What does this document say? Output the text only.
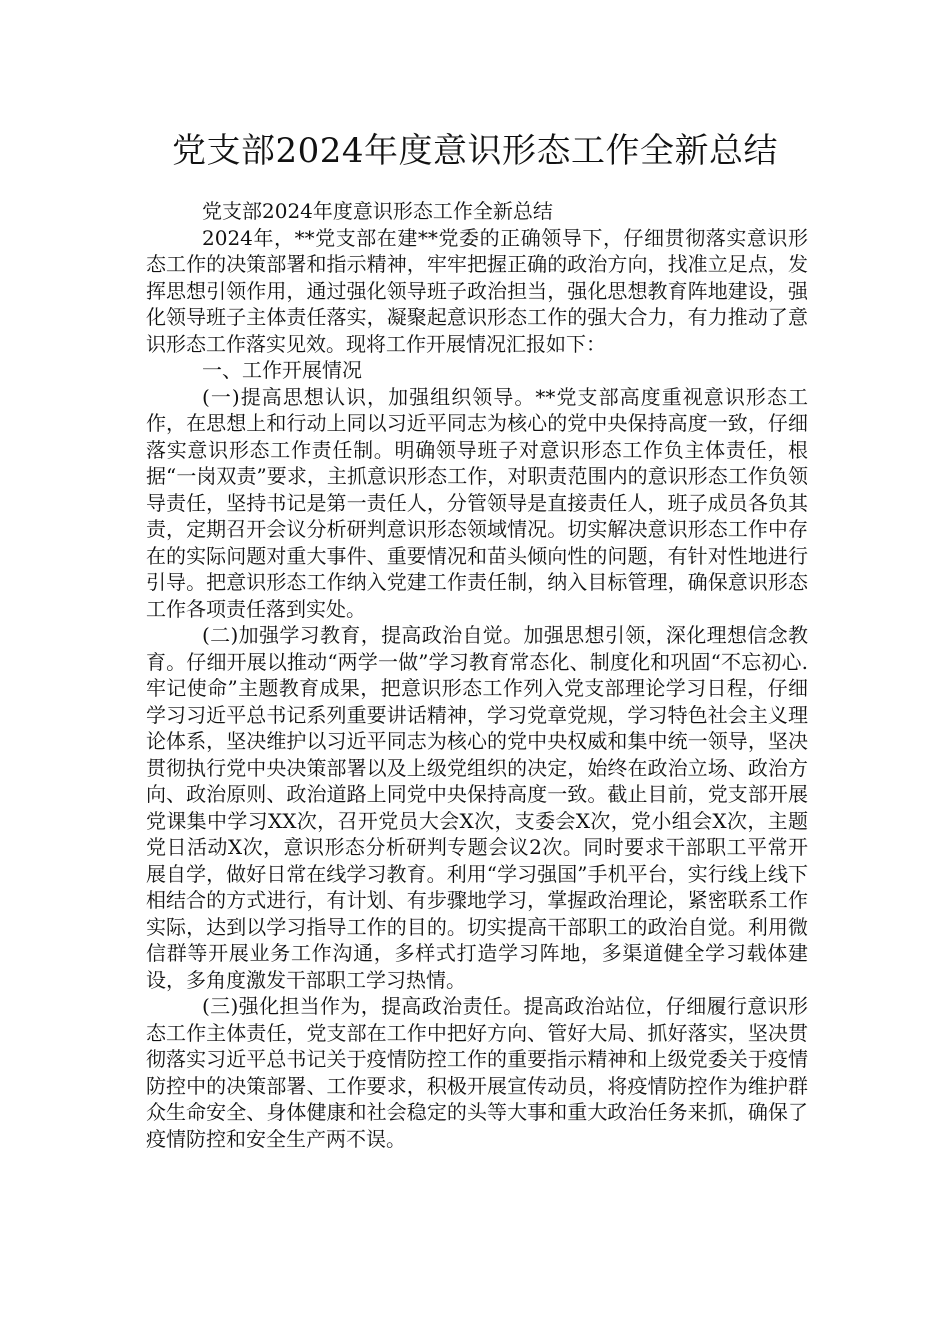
党支部2024年度意识形态工作全新总结

党支部2024年度意识形态工作全新总结

2024年，**党支部在建**党委的正确领导下，仔细贯彻落实意识形态工作的决策部署和指示精神，牢牢把握正确的政治方向，找准立足点，发挥思想引领作用，通过强化领导班子政治担当，强化思想教育阵地建设，强化领导班子主体责任落实，凝聚起意识形态工作的强大合力，有力推动了意识形态工作落实见效。现将工作开展情况汇报如下：

一、工作开展情况

(一)提高思想认识，加强组织领导。**党支部高度重视意识形态工作，在思想上和行动上同以习近平同志为核心的党中央保持高度一致，仔细落实意识形态工作责任制。明确领导班子对意识形态工作负主体责任，根据“一岗双责”要求，主抓意识形态工作，对职责范围内的意识形态工作负领导责任，坚持书记是第一责任人，分管领导是直接责任人，班子成员各负其责，定期召开会议分析研判意识形态领域情况。切实解决意识形态工作中存在的实际问题对重大事件、重要情况和苗头倾向性的问题，有针对性地进行引导。把意识形态工作纳入党建工作责任制，纳入目标管理，确保意识形态工作各项责任落到实处。

(二)加强学习教育，提高政治自觉。加强思想引领，深化理想信念教育。仔细开展以推动“两学一做”学习教育常态化、制度化和巩固“不忘初心.牢记使命”主题教育成果，把意识形态工作列入党支部理论学习日程，仔细学习习近平总书记系列重要讲话精神，学习党章党规，学习特色社会主义理论体系，坚决维护以习近平同志为核心的党中央权威和集中统一领导，坚决贯彻执行党中央决策部署以及上级党组织的决定，始终在政治立场、政治方向、政治原则、政治道路上同党中央保持高度一致。截止目前，党支部开展党课集中学习XX次，召开党员大会X次，支委会X次，党小组会X次，主题党日活动X次，意识形态分析研判专题会议2次。同时要求干部职工平常开展自学，做好日常在线学习教育。利用“学习强国”手机平台，实行线上线下相结合的方式进行，有计划、有步骤地学习，掌握政治理论，紧密联系工作实际，达到以学习指导工作的目的。切实提高干部职工的政治自觉。利用微信群等开展业务工作沟通，多样式打造学习阵地，多渠道健全学习载体建设，多角度激发干部职工学习热情。

(三)强化担当作为，提高政治责任。提高政治站位，仔细履行意识形态工作主体责任，党支部在工作中把好方向、管好大局、抓好落实，坚决贯彻落实习近平总书记关于疫情防控工作的重要指示精神和上级党委关于疫情防控中的决策部署、工作要求，积极开展宣传动员，将疫情防控作为维护群众生命安全、身体健康和社会稳定的头等大事和重大政治任务来抓，确保了疫情防控和安全生产两不误。
